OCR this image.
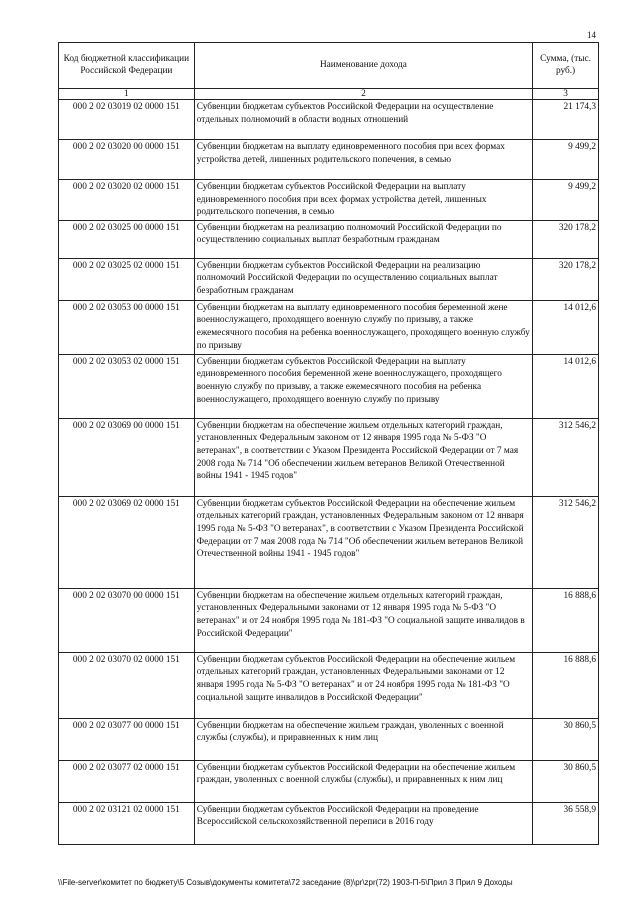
14
Код бюджетной классификации Российской Федерации	Наименование дохода	Сумма, (тыс. руб.)
1	2	3
000 2 02 03019 02 0000 151	Субвенции бюджетам субъектов Российской Федерации на осуществление отдельных полномочий в области водных отношений	21 174,3
000 2 02 03020 00 0000 151	Субвенции бюджетам на выплату единовременного пособия при всех формах устройства детей, лишенных родительского попечения, в семью	9 499,2
000 2 02 03020 02 0000 151	Субвенции бюджетам субъектов Российской Федерации на выплату единовременного пособия при всех формах устройства детей, лишенных родительского попечения, в семью	9 499,2
000 2 02 03025 00 0000 151	Субвенции бюджетам на реализацию полномочий Российской Федерации по осуществлению социальных выплат безработным гражданам	320 178,2
000 2 02 03025 02 0000 151	Субвенции бюджетам субъектов Российской Федерации на реализацию полномочий Российской Федерации по осуществлению социальных выплат безработным гражданам	320 178,2
000 2 02 03053 00 0000 151	Субвенции бюджетам на выплату единовременного пособия беременной жене военнослужащего, проходящего военную службу по призыву, а также ежемесячного пособия на ребенка военнослужащего, проходящего военную службу по призыву	14 012,6
000 2 02 03053 02 0000 151	Субвенции бюджетам субъектов Российской Федерации на выплату единовременного пособия беременной жене военнослужащего, проходящего военную службу по призыву, а также ежемесячного пособия на ребенка военнослужащего, проходящего военную службу по призыву	14 012,6
000 2 02 03069 00 0000 151	Субвенции бюджетам на обеспечение жильем отдельных категорий граждан, установленных Федеральным законом от 12 января 1995 года № 5-ФЗ "О ветеранах", в соответствии с Указом Президента Российской Федерации от 7 мая 2008 года № 714 "Об обеспечении жильем ветеранов Великой Отечественной войны 1941 - 1945 годов"	312 546,2
000 2 02 03069 02 0000 151	Субвенции бюджетам субъектов Российской Федерации на обеспечение жильем отдельных категорий граждан, установленных Федеральным законом от 12 января 1995 года № 5-ФЗ "О ветеранах", в соответствии с Указом Президента Российской Федерации от 7 мая 2008 года № 714 "Об обеспечении жильем ветеранов Великой Отечественной войны 1941 - 1945 годов"	312 546,2
000 2 02 03070 00 0000 151	Субвенции бюджетам на обеспечение жильем отдельных категорий граждан, установленных Федеральными законами от 12 января 1995 года № 5-ФЗ "О ветеранах" и от 24 ноября 1995 года № 181-ФЗ "О социальной защите инвалидов в Российской Федерации"	16 888,6
000 2 02 03070 02 0000 151	Субвенции бюджетам субъектов Российской Федерации на обеспечение жильем отдельных категорий граждан, установленных Федеральными законами от 12 января 1995 года № 5-ФЗ "О ветеранах" и от 24 ноября 1995 года № 181-ФЗ "О социальной защите инвалидов в Российской Федерации"	16 888,6
000 2 02 03077 00 0000 151	Субвенции бюджетам на обеспечение жильем граждан, уволенных с военной службы (службы), и приравненных к ним лиц	30 860,5
000 2 02 03077 02 0000 151	Субвенции бюджетам субъектов Российской Федерации на обеспечение жильем граждан, уволенных с военной службы (службы), и приравненных к ним лиц	30 860,5
000 2 02 03121 02 0000 151	Субвенции бюджетам субъектов Российской Федерации на проведение Всероссийской сельскохозяйственной переписи в 2016 году	36 558,9
\\File-server\комитет по бюджету\5 Созыв\документы комитета\72 заседание (8)\pr\zpr(72) 1903-П-5\Прил 3 Прил 9 Доходы
